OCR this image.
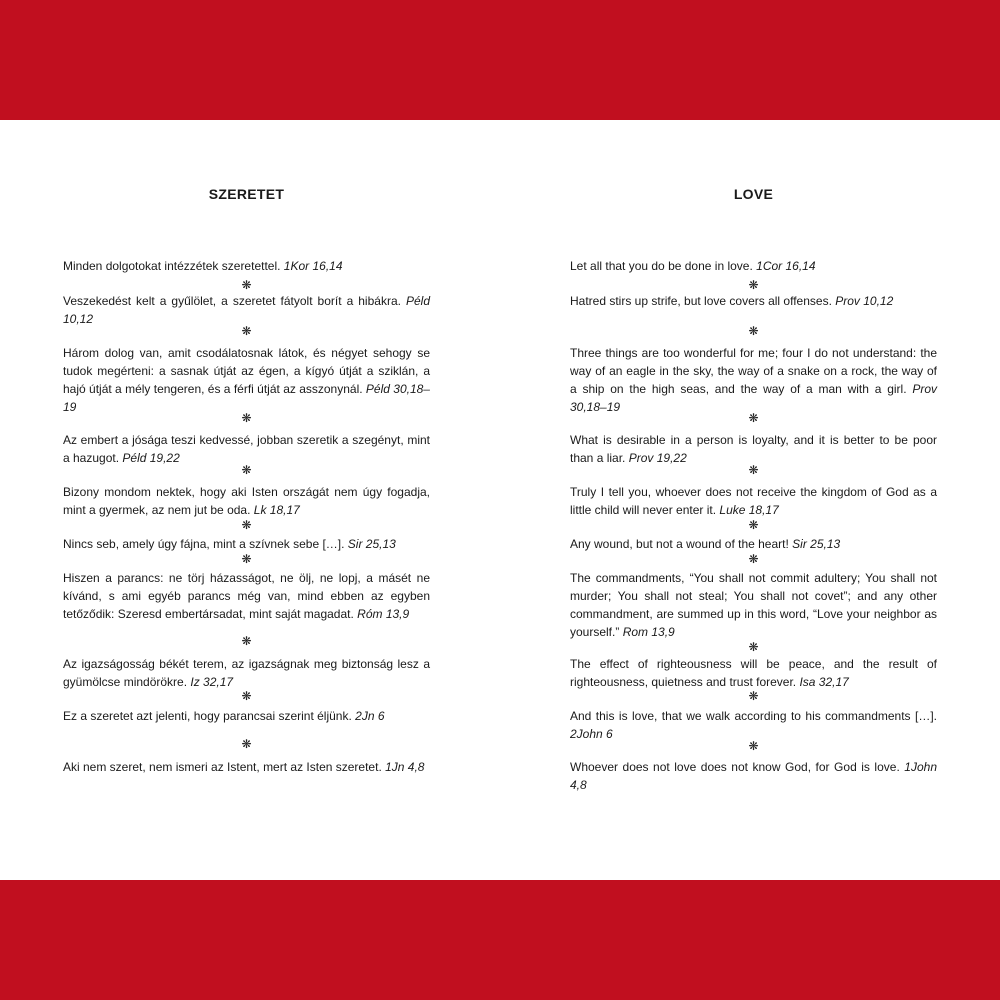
SZERETET

Minden dolgotokat intézzétek szeretettel. 1Kor 16,14

❋

Veszekedést kelt a gyűlölet, a szeretet fátyolt borít a hibákra. Péld 10,12

❋

Három dolog van, amit csodálatosnak látok, és négyet sehogy se tudok megérteni: a sasnak útját az égen, a kígyó útját a sziklán, a hajó útját a mély tengeren, és a férfi útját az asszonynál. Péld 30,18–19

❋

Az embert a jósága teszi kedvessé, jobban szeretik a szegényt, mint a hazugot. Péld 19,22

❋

Bizony mondom nektek, hogy aki Isten országát nem úgy fogadja, mint a gyermek, az nem jut be oda. Lk 18,17

❋

Nincs seb, amely úgy fájna, mint a szívnek sebe […]. Sir 25,13

❋

Hiszen a parancs: ne törj házasságot, ne ölj, ne lopj, a másét ne kívánd, s ami egyéb parancs még van, mind ebben az egyben tetőződik: Szeresd embertársadat, mint saját magadat. Róm 13,9

❋

Az igazságosság békét terem, az igazságnak meg biztonság lesz a gyümölcse mindörökre. Iz 32,17

❋

Ez a szeretet azt jelenti, hogy parancsai szerint éljünk. 2Jn 6

❋

Aki nem szeret, nem ismeri az Istent, mert az Isten szeretet. 1Jn 4,8

LOVE

Let all that you do be done in love. 1Cor 16,14

❋

Hatred stirs up strife, but love covers all offenses. Prov 10,12

❋

Three things are too wonderful for me; four I do not understand: the way of an eagle in the sky, the way of a snake on a rock, the way of a ship on the high seas, and the way of a man with a girl. Prov 30,18–19

❋

What is desirable in a person is loyalty, and it is better to be poor than a liar. Prov 19,22

❋

Truly I tell you, whoever does not receive the kingdom of God as a little child will never enter it. Luke 18,17

❋

Any wound, but not a wound of the heart! Sir 25,13

❋

The commandments, “You shall not commit adultery; You shall not murder; You shall not steal; You shall not covet”; and any other commandment, are summed up in this word, “Love your neighbor as yourself.” Rom 13,9

❋

The effect of righteousness will be peace, and the result of righteousness, quietness and trust forever. Isa 32,17

❋

And this is love, that we walk according to his commandments […]. 2John 6

❋

Whoever does not love does not know God, for God is love. 1John 4,8
